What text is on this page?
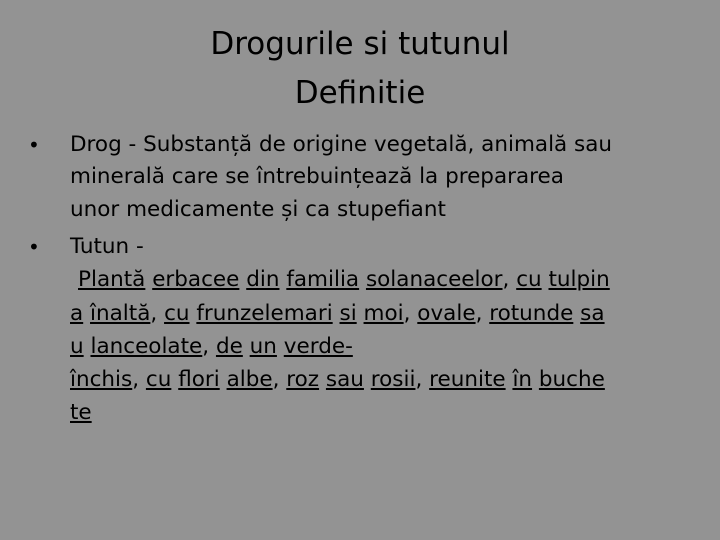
Drogurile si tutunul
Definitie
• Drog - Substanță de origine vegetală, animală sau
minerală care se întrebuințează la prepararea
unor medicamente și ca stupefiant
• Tutun -
Plantă erbacee din familia solanaceelor, cu tulpin
a înaltă, cu frunzelemari si moi, ovale, rotunde sa
u lanceolate, de un verde-
închis, cu flori albe, roz sau rosii, reunite în buche
te
